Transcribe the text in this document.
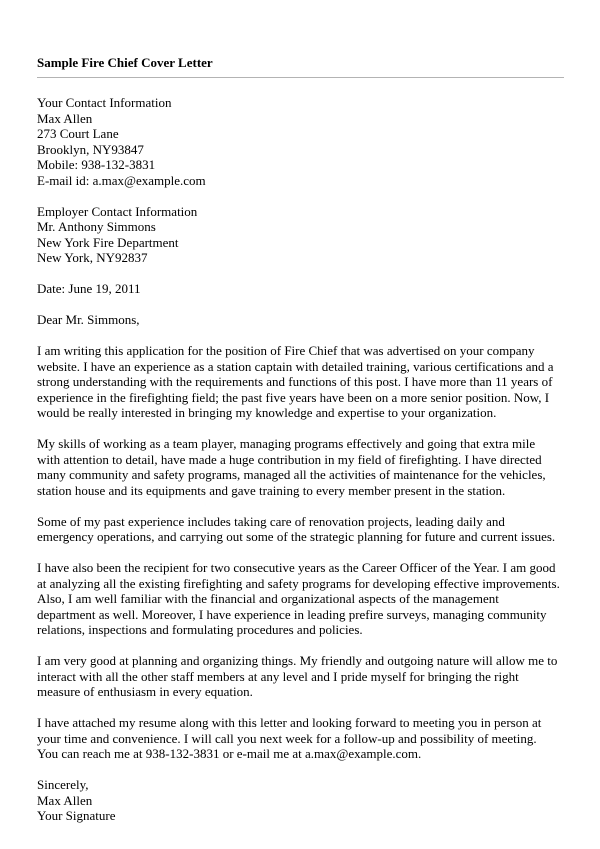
Sample Fire Chief Cover Letter
Your Contact Information
Max Allen
273 Court Lane
Brooklyn, NY93847
Mobile: 938-132-3831
E-mail id: a.max@example.com
Employer Contact Information
Mr. Anthony Simmons
New York Fire Department
New York, NY92837
Date: June 19, 2011
Dear Mr. Simmons,
I am writing this application for the position of Fire Chief that was advertised on your company
website. I have an experience as a station captain with detailed training, various certifications and a
strong understanding with the requirements and functions of this post. I have more than 11 years of
experience in the firefighting field; the past five years have been on a more senior position. Now, I
would be really interested in bringing my knowledge and expertise to your organization.
My skills of working as a team player, managing programs effectively and going that extra mile
with attention to detail, have made a huge contribution in my field of firefighting. I have directed
many community and safety programs, managed all the activities of maintenance for the vehicles,
station house and its equipments and gave training to every member present in the station.
Some of my past experience includes taking care of renovation projects, leading daily and
emergency operations, and carrying out some of the strategic planning for future and current issues.
I have also been the recipient for two consecutive years as the Career Officer of the Year. I am good
at analyzing all the existing firefighting and safety programs for developing effective improvements.
Also, I am well familiar with the financial and organizational aspects of the management
department as well. Moreover, I have experience in leading prefire surveys, managing community
relations, inspections and formulating procedures and policies.
I am very good at planning and organizing things. My friendly and outgoing nature will allow me to
interact with all the other staff members at any level and I pride myself for bringing the right
measure of enthusiasm in every equation.
I have attached my resume along with this letter and looking forward to meeting you in person at
your time and convenience. I will call you next week for a follow-up and possibility of meeting.
You can reach me at 938-132-3831 or e-mail me at a.max@example.com.
Sincerely,
Max Allen
Your Signature
